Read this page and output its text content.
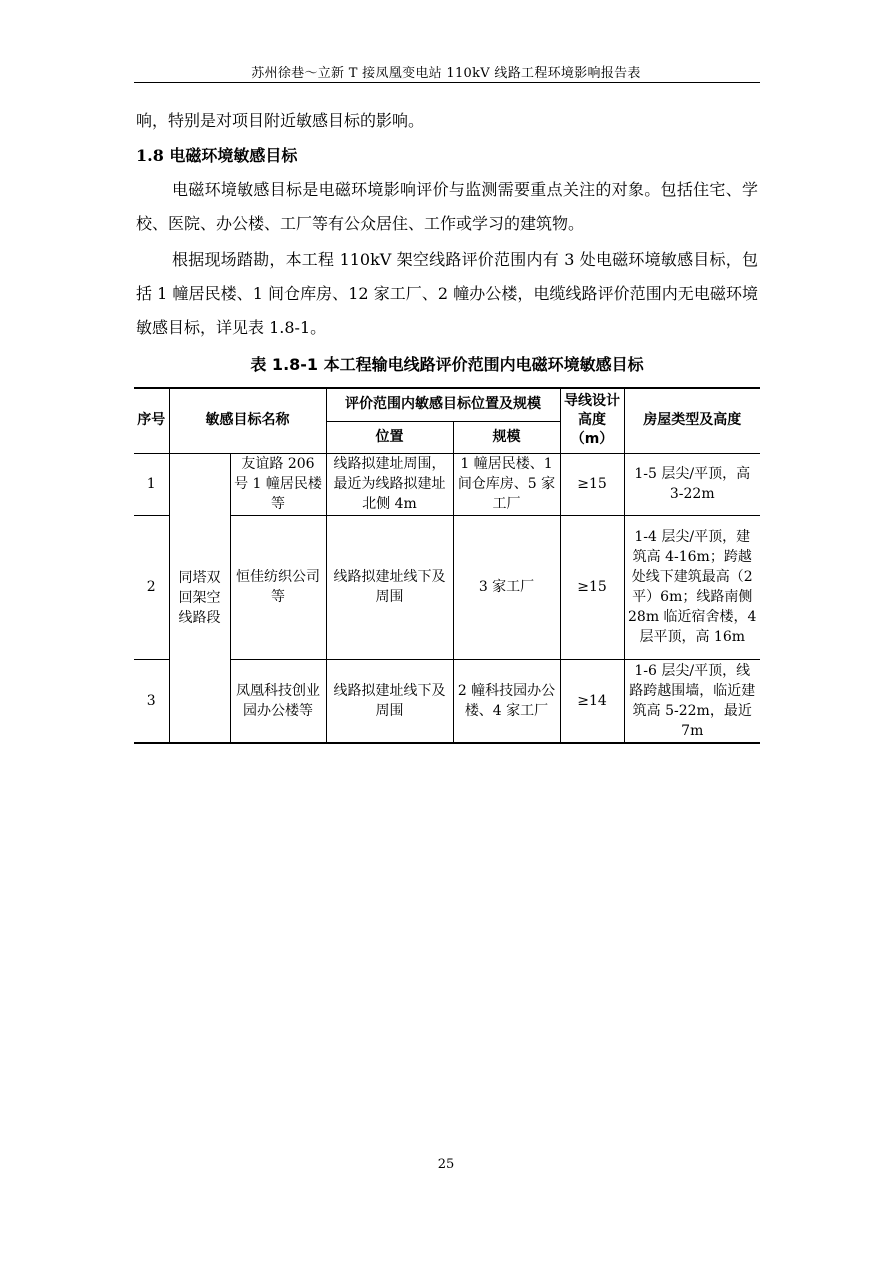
苏州徐巷～立新 T 接凤凰变电站 110kV 线路工程环境影响报告表

响，特别是对项目附近敏感目标的影响。

1.8 电磁环境敏感目标

电磁环境敏感目标是电磁环境影响评价与监测需要重点关注的对象。包括住宅、学校、医院、办公楼、工厂等有公众居住、工作或学习的建筑物。

根据现场踏勘，本工程 110kV 架空线路评价范围内有 3 处电磁环境敏感目标，包括 1 幢居民楼、1 间仓库房、12 家工厂、2 幢办公楼，电缆线路评价范围内无电磁环境敏感目标，详见表 1.8-1。

表 1.8-1 本工程输电线路评价范围内电磁环境敏感目标
序号	敏感目标名称		评价范围内敏感目标位置及规模		导线设计高度（m）	房屋类型及高度
			位置	规模		
1	同塔双回架空线路段	友谊路 206 号 1 幢居民楼等	线路拟建址周围，最近为线路拟建址北侧 4m	1 幢居民楼、1 间仓库房、5 家工厂	≥15	1-5 层尖/平顶，高 3-22m
2		恒佳纺织公司等	线路拟建址线下及周围	3 家工厂	≥15	1-4 层尖/平顶，建筑高 4-16m；跨越处线下建筑最高（2 平）6m；线路南侧 28m 临近宿舍楼，4 层平顶，高 16m
3		凤凰科技创业园办公楼等	线路拟建址线下及周围	2 幢科技园办公楼、4 家工厂	≥14	1-6 层尖/平顶，线路跨越围墙，临近建筑高 5-22m，最近 7m
25
